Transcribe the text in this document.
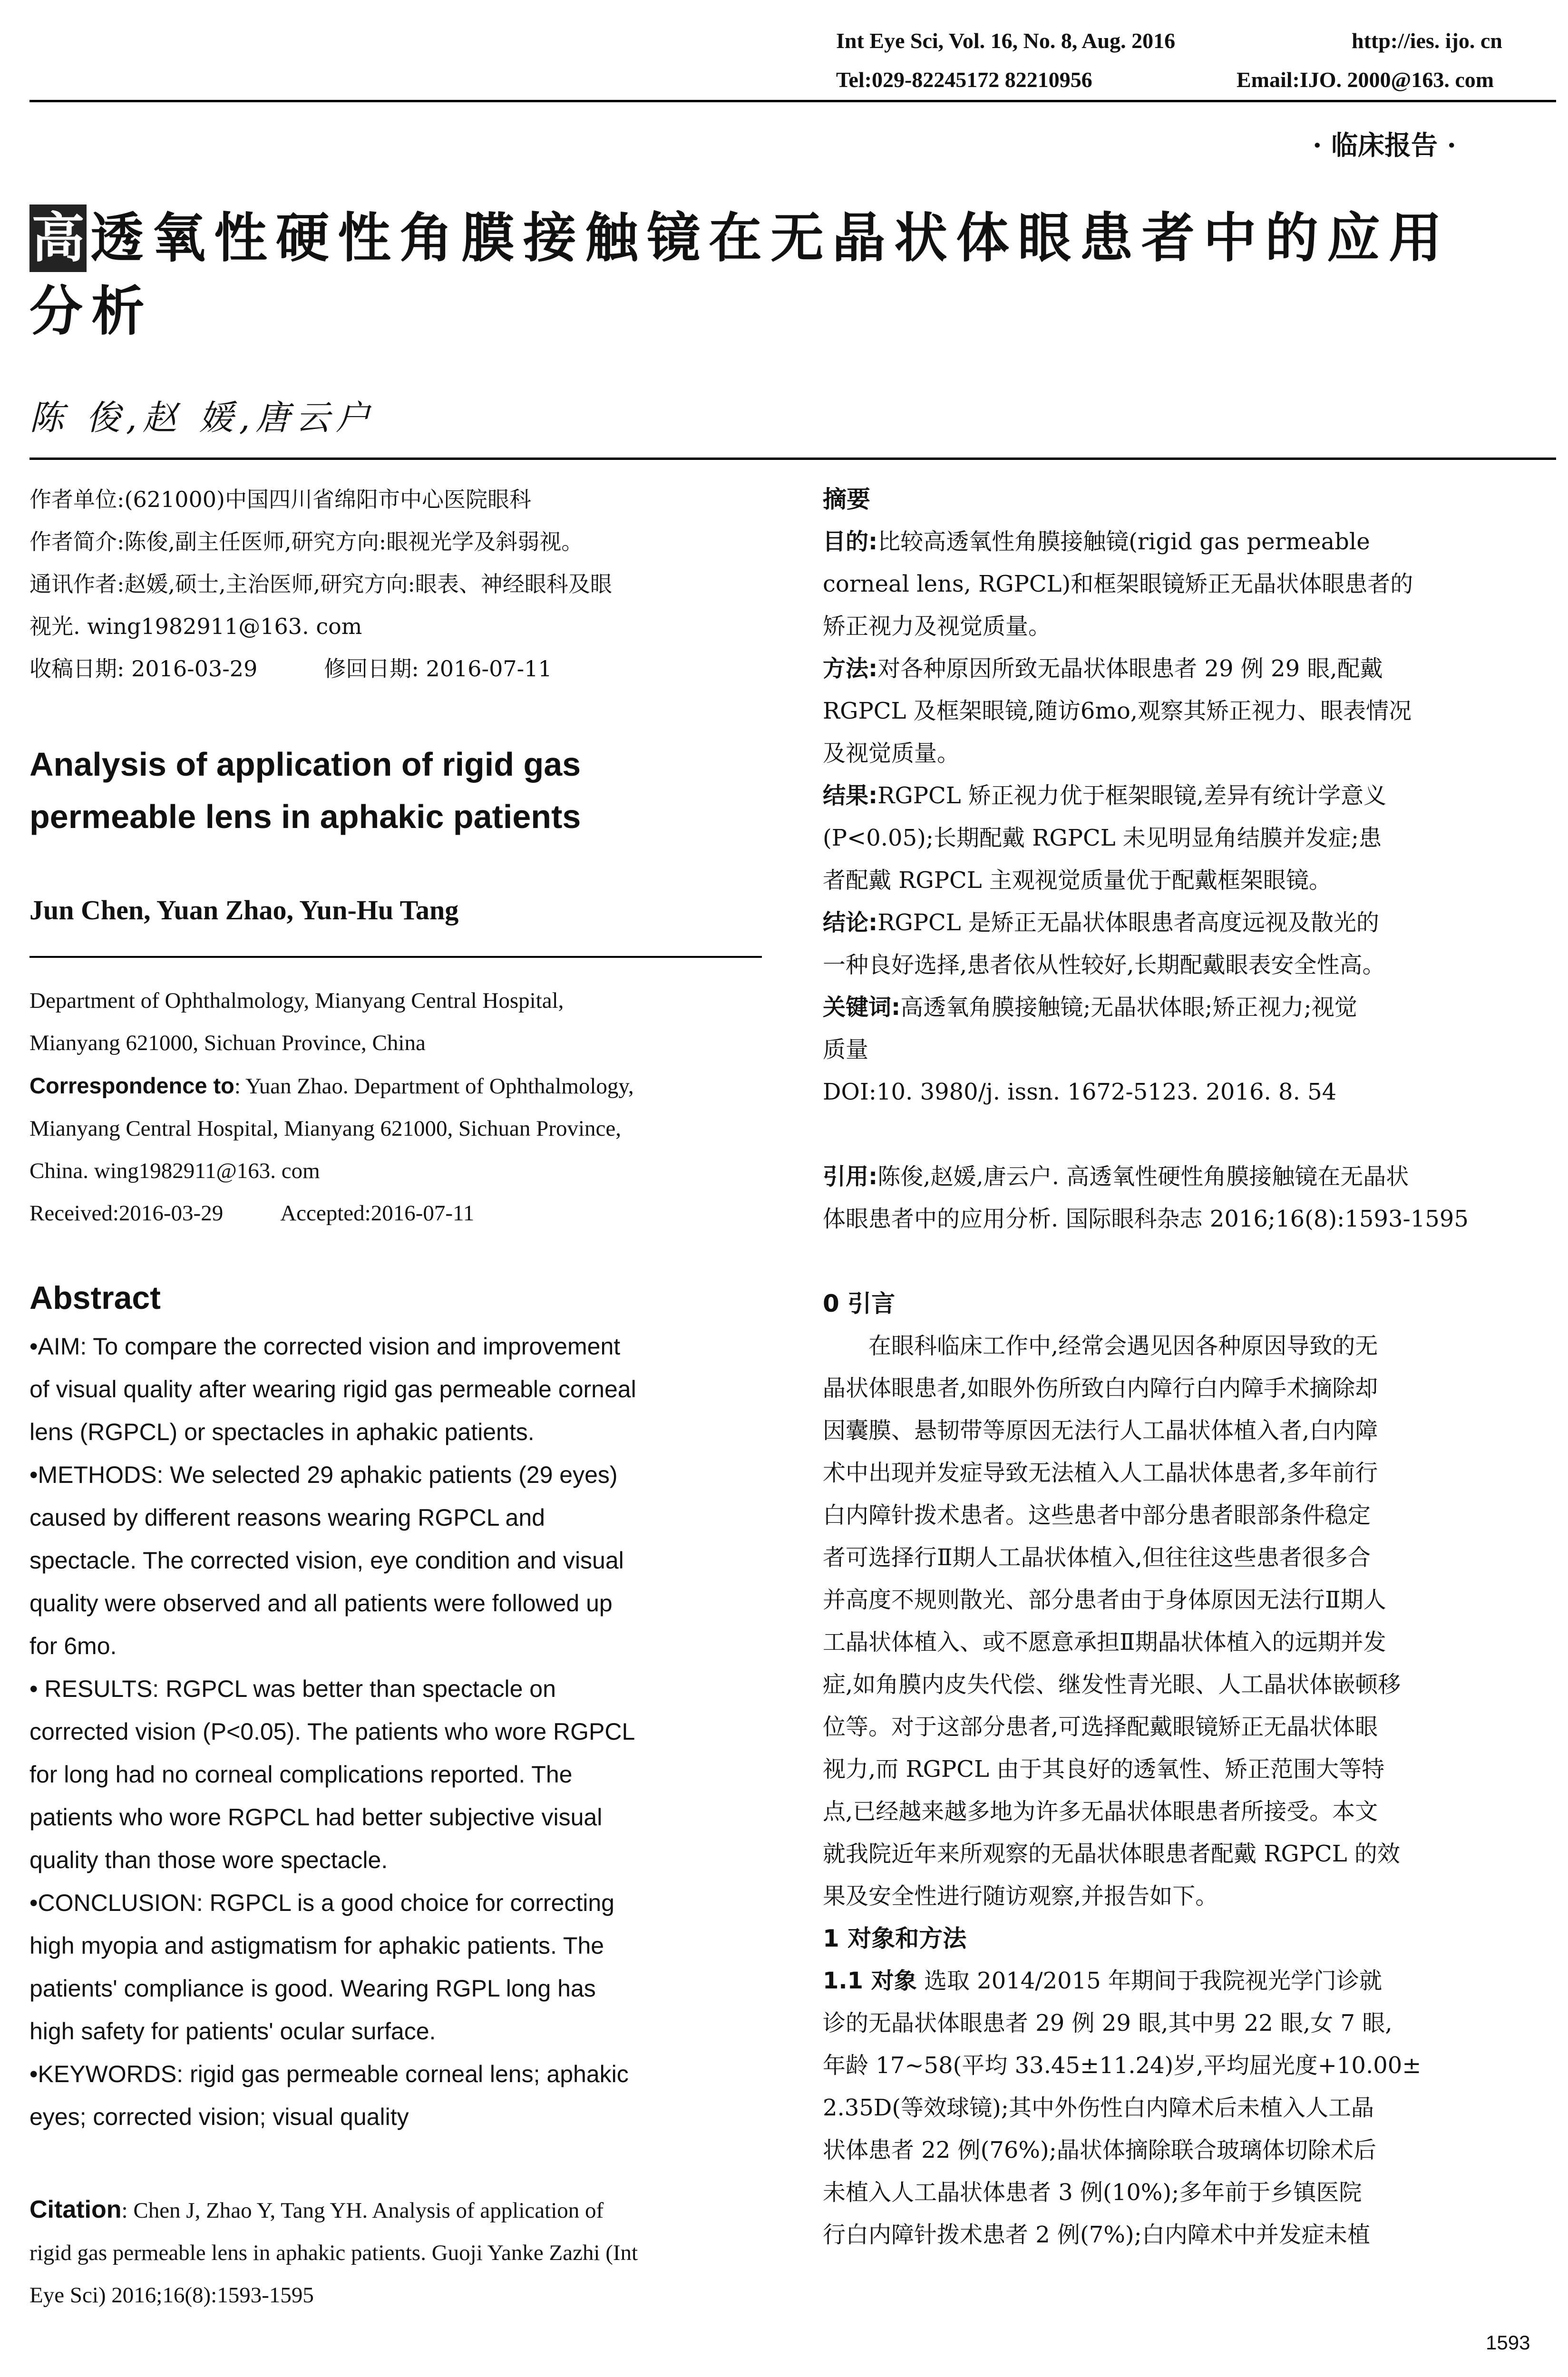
Int Eye Sci, Vol. 16, No. 8, Aug. 2016	http://ies. ijo. cn
Tel:029-82245172 82210956	Email:IJO. 2000@163. com
· 临床报告 ·
高 透氧性硬性角膜接触镜在无晶状体眼患者中的应用
分析
陈 俊,赵 媛,唐云户

作者单位:(621000)中国四川省绵阳市中心医院眼科

作者简介:陈俊,副主任医师,研究方向:眼视光学及斜弱视。

通讯作者:赵媛,硕士,主治医师,研究方向:眼表、神经眼科及眼

视光. wing1982911@163. com

收稿日期: 2016-03-29	修回日期: 2016-07-11

Analysis of application of rigid gas
permeable lens in aphakic patients
Jun Chen, Yuan Zhao, Yun-Hu Tang

Department of Ophthalmology, Mianyang Central Hospital,

Mianyang 621000, Sichuan Province, China

Correspondence to: Yuan Zhao. Department of Ophthalmology,

Mianyang Central Hospital, Mianyang 621000, Sichuan Province,

China. wing1982911@163. com

Received:2016-03-29	Accepted:2016-07-11

Abstract

•AIM: To compare the corrected vision and improvement

of visual quality after wearing rigid gas permeable corneal

lens (RGPCL) or spectacles in aphakic patients.

•METHODS: We selected 29 aphakic patients (29 eyes)

caused by different reasons wearing RGPCL and

spectacle. The corrected vision, eye condition and visual

quality were observed and all patients were followed up

for 6mo.

• RESULTS: RGPCL was better than spectacle on

corrected vision (P<0.05). The patients who wore RGPCL

for long had no corneal complications reported. The

patients who wore RGPCL had better subjective visual

quality than those wore spectacle.

•CONCLUSION: RGPCL is a good choice for correcting

high myopia and astigmatism for aphakic patients. The

patients' compliance is good. Wearing RGPL long has

high safety for patients' ocular surface.

•KEYWORDS: rigid gas permeable corneal lens; aphakic

eyes; corrected vision; visual quality

Citation: Chen J, Zhao Y, Tang YH. Analysis of application of

rigid gas permeable lens in aphakic patients. Guoji Yanke Zazhi (Int

Eye Sci) 2016;16(8):1593-1595

摘要

目的:比较高透氧性角膜接触镜(rigid gas permeable

corneal lens, RGPCL)和框架眼镜矫正无晶状体眼患者的

矫正视力及视觉质量。

方法:对各种原因所致无晶状体眼患者 29 例 29 眼,配戴

RGPCL 及框架眼镜,随访6mo,观察其矫正视力、眼表情况

及视觉质量。

结果:RGPCL 矫正视力优于框架眼镜,差异有统计学意义

(P<0.05);长期配戴 RGPCL 未见明显角结膜并发症;患

者配戴 RGPCL 主观视觉质量优于配戴框架眼镜。

结论:RGPCL 是矫正无晶状体眼患者高度远视及散光的

一种良好选择,患者依从性较好,长期配戴眼表安全性高。

关键词:高透氧角膜接触镜;无晶状体眼;矫正视力;视觉

质量

DOI:10. 3980/j. issn. 1672-5123. 2016. 8. 54

引用:陈俊,赵媛,唐云户. 高透氧性硬性角膜接触镜在无晶状

体眼患者中的应用分析. 国际眼科杂志 2016;16(8):1593-1595

0 引言

在眼科临床工作中,经常会遇见因各种原因导致的无

晶状体眼患者,如眼外伤所致白内障行白内障手术摘除却

因囊膜、悬韧带等原因无法行人工晶状体植入者,白内障

术中出现并发症导致无法植入人工晶状体患者,多年前行

白内障针拨术患者。这些患者中部分患者眼部条件稳定

者可选择行Ⅱ期人工晶状体植入,但往往这些患者很多合

并高度不规则散光、部分患者由于身体原因无法行Ⅱ期人

工晶状体植入、或不愿意承担Ⅱ期晶状体植入的远期并发

症,如角膜内皮失代偿、继发性青光眼、人工晶状体嵌顿移

位等。对于这部分患者,可选择配戴眼镜矫正无晶状体眼

视力,而 RGPCL 由于其良好的透氧性、矫正范围大等特

点,已经越来越多地为许多无晶状体眼患者所接受。本文

就我院近年来所观察的无晶状体眼患者配戴 RGPCL 的效

果及安全性进行随访观察,并报告如下。

1 对象和方法

1.1 对象 选取 2014/2015 年期间于我院视光学门诊就

诊的无晶状体眼患者 29 例 29 眼,其中男 22 眼,女 7 眼,

年龄 17~58(平均 33.45±11.24)岁,平均屈光度+10.00±

2.35D(等效球镜);其中外伤性白内障术后未植入人工晶

状体患者 22 例(76%);晶状体摘除联合玻璃体切除术后

未植入人工晶状体患者 3 例(10%);多年前于乡镇医院

行白内障针拨术患者 2 例(7%);白内障术中并发症未植

1593
